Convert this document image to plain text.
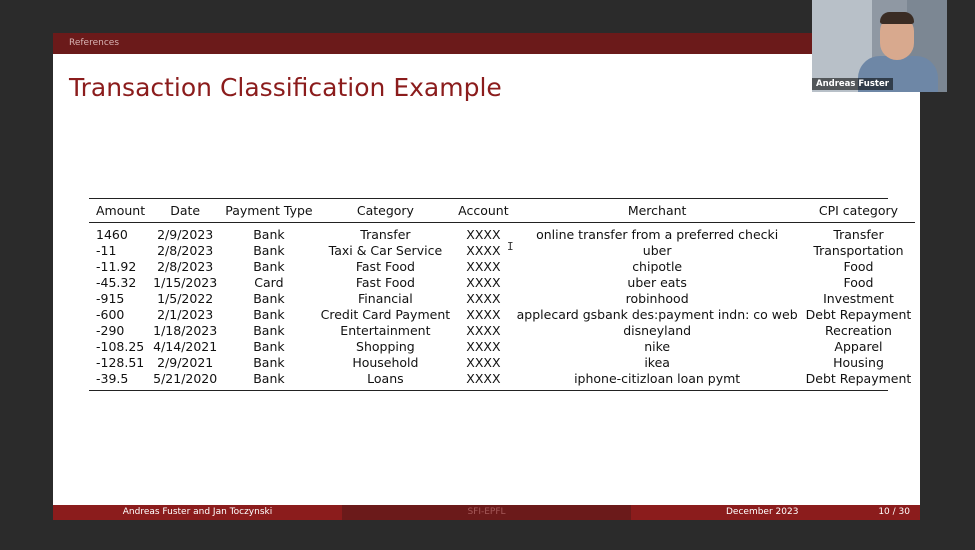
References
Transaction Classification Example
Amount	Date	Payment Type	Category	Account	Merchant	CPI category
1460	2/9/2023	Bank	Transfer	XXXX	online transfer from a preferred checki	Transfer
-11	2/8/2023	Bank	Taxi & Car Service	XXXX	uber	Transportation
-11.92	2/8/2023	Bank	Fast Food	XXXX	chipotle	Food
-45.32	1/15/2023	Card	Fast Food	XXXX	uber eats	Food
-915	1/5/2022	Bank	Financial	XXXX	robinhood	Investment
-600	2/1/2023	Bank	Credit Card Payment	XXXX	applecard gsbank des:payment indn: co web	Debt Repayment
-290	1/18/2023	Bank	Entertainment	XXXX	disneyland	Recreation
-108.25	4/14/2021	Bank	Shopping	XXXX	nike	Apparel
-128.51	2/9/2021	Bank	Household	XXXX	ikea	Housing
-39.5	5/21/2020	Bank	Loans	XXXX	iphone-citizloan loan pymt	Debt Repayment
Andreas Fuster and Jan Toczynski	SFI-EPFL	December 2023	10 / 30
I
Andreas Fuster
